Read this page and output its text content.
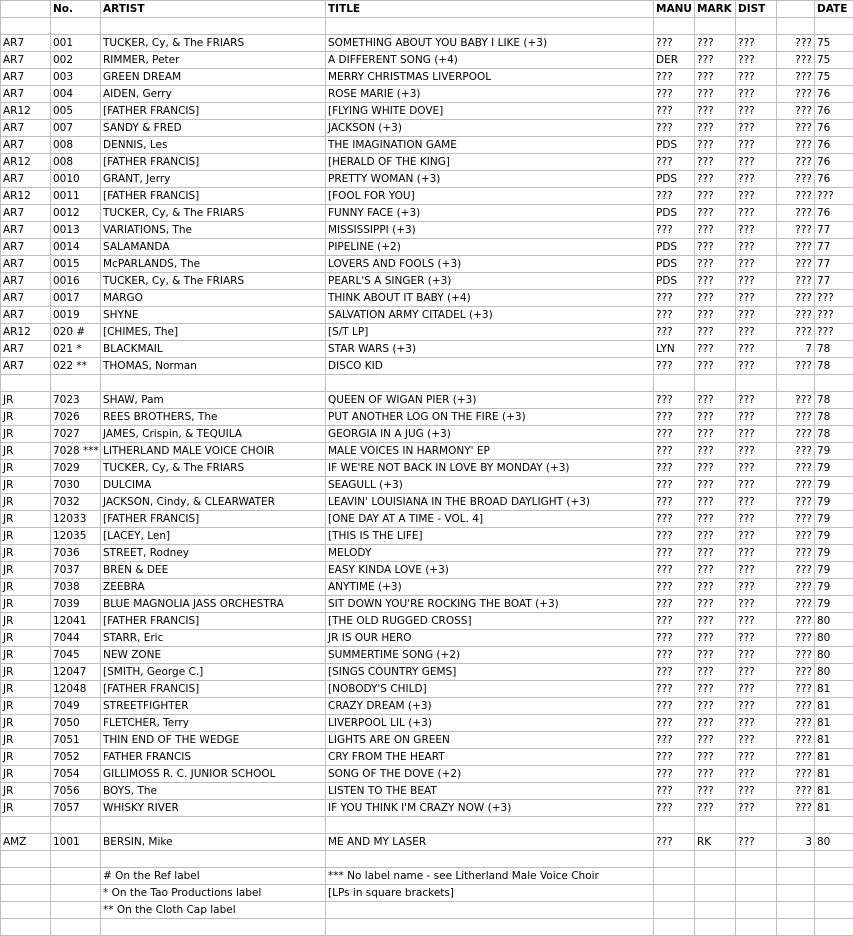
	No.	ARTIST	TITLE	MANU	MARK	DIST		DATE

AR7	001	TUCKER, Cy, & The FRIARS	SOMETHING ABOUT YOU BABY I LIKE (+3)	???	???	???	???	75
AR7	002	RIMMER, Peter	A DIFFERENT SONG (+4)	DER	???	???	???	75
AR7	003	GREEN DREAM	MERRY CHRISTMAS LIVERPOOL	???	???	???	???	75
AR7	004	AIDEN, Gerry	ROSE MARIE (+3)	???	???	???	???	76
AR12	005	[FATHER FRANCIS]	[FLYING WHITE DOVE]	???	???	???	???	76
AR7	007	SANDY & FRED	JACKSON (+3)	???	???	???	???	76
AR7	008	DENNIS, Les	THE IMAGINATION GAME	PDS	???	???	???	76
AR12	008	[FATHER FRANCIS]	[HERALD OF THE KING]	???	???	???	???	76
AR7	0010	GRANT, Jerry	PRETTY WOMAN (+3)	PDS	???	???	???	76
AR12	0011	[FATHER FRANCIS]	[FOOL FOR YOU]	???	???	???	???	???
AR7	0012	TUCKER, Cy, & The FRIARS	FUNNY FACE (+3)	PDS	???	???	???	76
AR7	0013	VARIATIONS, The	MISSISSIPPI (+3)	???	???	???	???	77
AR7	0014	SALAMANDA	PIPELINE (+2)	PDS	???	???	???	77
AR7	0015	McPARLANDS, The	LOVERS AND FOOLS (+3)	PDS	???	???	???	77
AR7	0016	TUCKER, Cy, & The FRIARS	PEARL'S A SINGER (+3)	PDS	???	???	???	77
AR7	0017	MARGO	THINK ABOUT IT BABY (+4)	???	???	???	???	???
AR7	0019	SHYNE	SALVATION ARMY CITADEL (+3)	???	???	???	???	???
AR12	020 #	[CHIMES, The]	[S/T LP]	???	???	???	???	???
AR7	021 *	BLACKMAIL	STAR WARS (+3)	LYN	???	???	7	78
AR7	022 **	THOMAS, Norman	DISCO KID	???	???	???	???	78

JR	7023	SHAW, Pam	QUEEN OF WIGAN PIER (+3)	???	???	???	???	78
JR	7026	REES BROTHERS, The	PUT ANOTHER LOG ON THE FIRE (+3)	???	???	???	???	78
JR	7027	JAMES, Crispin, & TEQUILA	GEORGIA IN A JUG (+3)	???	???	???	???	78
JR	7028 ***	LITHERLAND MALE VOICE CHOIR	MALE VOICES IN HARMONY' EP	???	???	???	???	79
JR	7029	TUCKER, Cy, & The FRIARS	IF WE'RE NOT BACK IN LOVE BY MONDAY (+3)	???	???	???	???	79
JR	7030	DULCIMA	SEAGULL (+3)	???	???	???	???	79
JR	7032	JACKSON, Cindy, & CLEARWATER	LEAVIN' LOUISIANA IN THE BROAD DAYLIGHT (+3)	???	???	???	???	79
JR	12033	[FATHER FRANCIS]	[ONE DAY AT A TIME - VOL. 4]	???	???	???	???	79
JR	12035	[LACEY, Len]	[THIS IS THE LIFE]	???	???	???	???	79
JR	7036	STREET, Rodney	MELODY	???	???	???	???	79
JR	7037	BREN & DEE	EASY KINDA LOVE (+3)	???	???	???	???	79
JR	7038	ZEEBRA	ANYTIME (+3)	???	???	???	???	79
JR	7039	BLUE MAGNOLIA JASS ORCHESTRA	SIT DOWN YOU'RE ROCKING THE BOAT (+3)	???	???	???	???	79
JR	12041	[FATHER FRANCIS]	[THE OLD RUGGED CROSS]	???	???	???	???	80
JR	7044	STARR, Eric	JR IS OUR HERO	???	???	???	???	80
JR	7045	NEW ZONE	SUMMERTIME SONG (+2)	???	???	???	???	80
JR	12047	[SMITH, George C.]	[SINGS COUNTRY GEMS]	???	???	???	???	80
JR	12048	[FATHER FRANCIS]	[NOBODY'S CHILD]	???	???	???	???	81
JR	7049	STREETFIGHTER	CRAZY DREAM (+3)	???	???	???	???	81
JR	7050	FLETCHER, Terry	LIVERPOOL LIL (+3)	???	???	???	???	81
JR	7051	THIN END OF THE WEDGE	LIGHTS ARE ON GREEN	???	???	???	???	81
JR	7052	FATHER FRANCIS	CRY FROM THE HEART	???	???	???	???	81
JR	7054	GILLIMOSS R. C. JUNIOR SCHOOL	SONG OF THE DOVE (+2)	???	???	???	???	81
JR	7056	BOYS, The	LISTEN TO THE BEAT	???	???	???	???	81
JR	7057	WHISKY RIVER	IF YOU THINK I'M CRAZY NOW (+3)	???	???	???	???	81

AMZ	1001	BERSIN, Mike	ME AND MY LASER	???	RK	???	3	80

		# On the Ref label	*** No label name - see Litherland Male Voice Choir					
		* On the Tao Productions label	[LPs in square brackets]					
		** On the Cloth Cap label						
